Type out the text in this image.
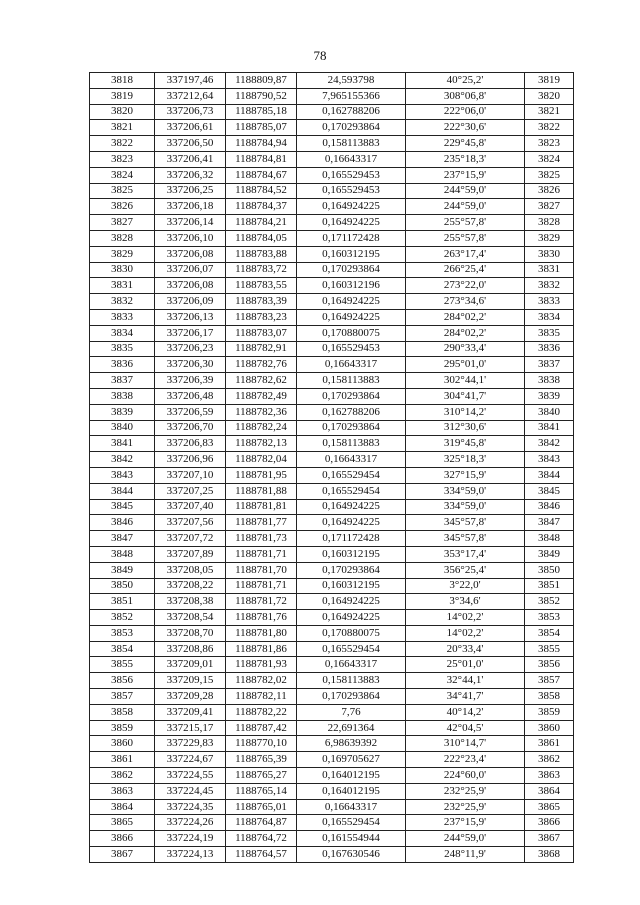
78
3818	337197,46	1188809,87	24,593798	40°25,2'	3819
3819	337212,64	1188790,52	7,965155366	308°06,8'	3820
3820	337206,73	1188785,18	0,162788206	222°06,0'	3821
3821	337206,61	1188785,07	0,170293864	222°30,6'	3822
3822	337206,50	1188784,94	0,158113883	229°45,8'	3823
3823	337206,41	1188784,81	0,16643317	235°18,3'	3824
3824	337206,32	1188784,67	0,165529453	237°15,9'	3825
3825	337206,25	1188784,52	0,165529453	244°59,0'	3826
3826	337206,18	1188784,37	0,164924225	244°59,0'	3827
3827	337206,14	1188784,21	0,164924225	255°57,8'	3828
3828	337206,10	1188784,05	0,171172428	255°57,8'	3829
3829	337206,08	1188783,88	0,160312195	263°17,4'	3830
3830	337206,07	1188783,72	0,170293864	266°25,4'	3831
3831	337206,08	1188783,55	0,160312196	273°22,0'	3832
3832	337206,09	1188783,39	0,164924225	273°34,6'	3833
3833	337206,13	1188783,23	0,164924225	284°02,2'	3834
3834	337206,17	1188783,07	0,170880075	284°02,2'	3835
3835	337206,23	1188782,91	0,165529453	290°33,4'	3836
3836	337206,30	1188782,76	0,16643317	295°01,0'	3837
3837	337206,39	1188782,62	0,158113883	302°44,1'	3838
3838	337206,48	1188782,49	0,170293864	304°41,7'	3839
3839	337206,59	1188782,36	0,162788206	310°14,2'	3840
3840	337206,70	1188782,24	0,170293864	312°30,6'	3841
3841	337206,83	1188782,13	0,158113883	319°45,8'	3842
3842	337206,96	1188782,04	0,16643317	325°18,3'	3843
3843	337207,10	1188781,95	0,165529454	327°15,9'	3844
3844	337207,25	1188781,88	0,165529454	334°59,0'	3845
3845	337207,40	1188781,81	0,164924225	334°59,0'	3846
3846	337207,56	1188781,77	0,164924225	345°57,8'	3847
3847	337207,72	1188781,73	0,171172428	345°57,8'	3848
3848	337207,89	1188781,71	0,160312195	353°17,4'	3849
3849	337208,05	1188781,70	0,170293864	356°25,4'	3850
3850	337208,22	1188781,71	0,160312195	3°22,0'	3851
3851	337208,38	1188781,72	0,164924225	3°34,6'	3852
3852	337208,54	1188781,76	0,164924225	14°02,2'	3853
3853	337208,70	1188781,80	0,170880075	14°02,2'	3854
3854	337208,86	1188781,86	0,165529454	20°33,4'	3855
3855	337209,01	1188781,93	0,16643317	25°01,0'	3856
3856	337209,15	1188782,02	0,158113883	32°44,1'	3857
3857	337209,28	1188782,11	0,170293864	34°41,7'	3858
3858	337209,41	1188782,22	7,76	40°14,2'	3859
3859	337215,17	1188787,42	22,691364	42°04,5'	3860
3860	337229,83	1188770,10	6,98639392	310°14,7'	3861
3861	337224,67	1188765,39	0,169705627	222°23,4'	3862
3862	337224,55	1188765,27	0,164012195	224°60,0'	3863
3863	337224,45	1188765,14	0,164012195	232°25,9'	3864
3864	337224,35	1188765,01	0,16643317	232°25,9'	3865
3865	337224,26	1188764,87	0,165529454	237°15,9'	3866
3866	337224,19	1188764,72	0,161554944	244°59,0'	3867
3867	337224,13	1188764,57	0,167630546	248°11,9'	3868
